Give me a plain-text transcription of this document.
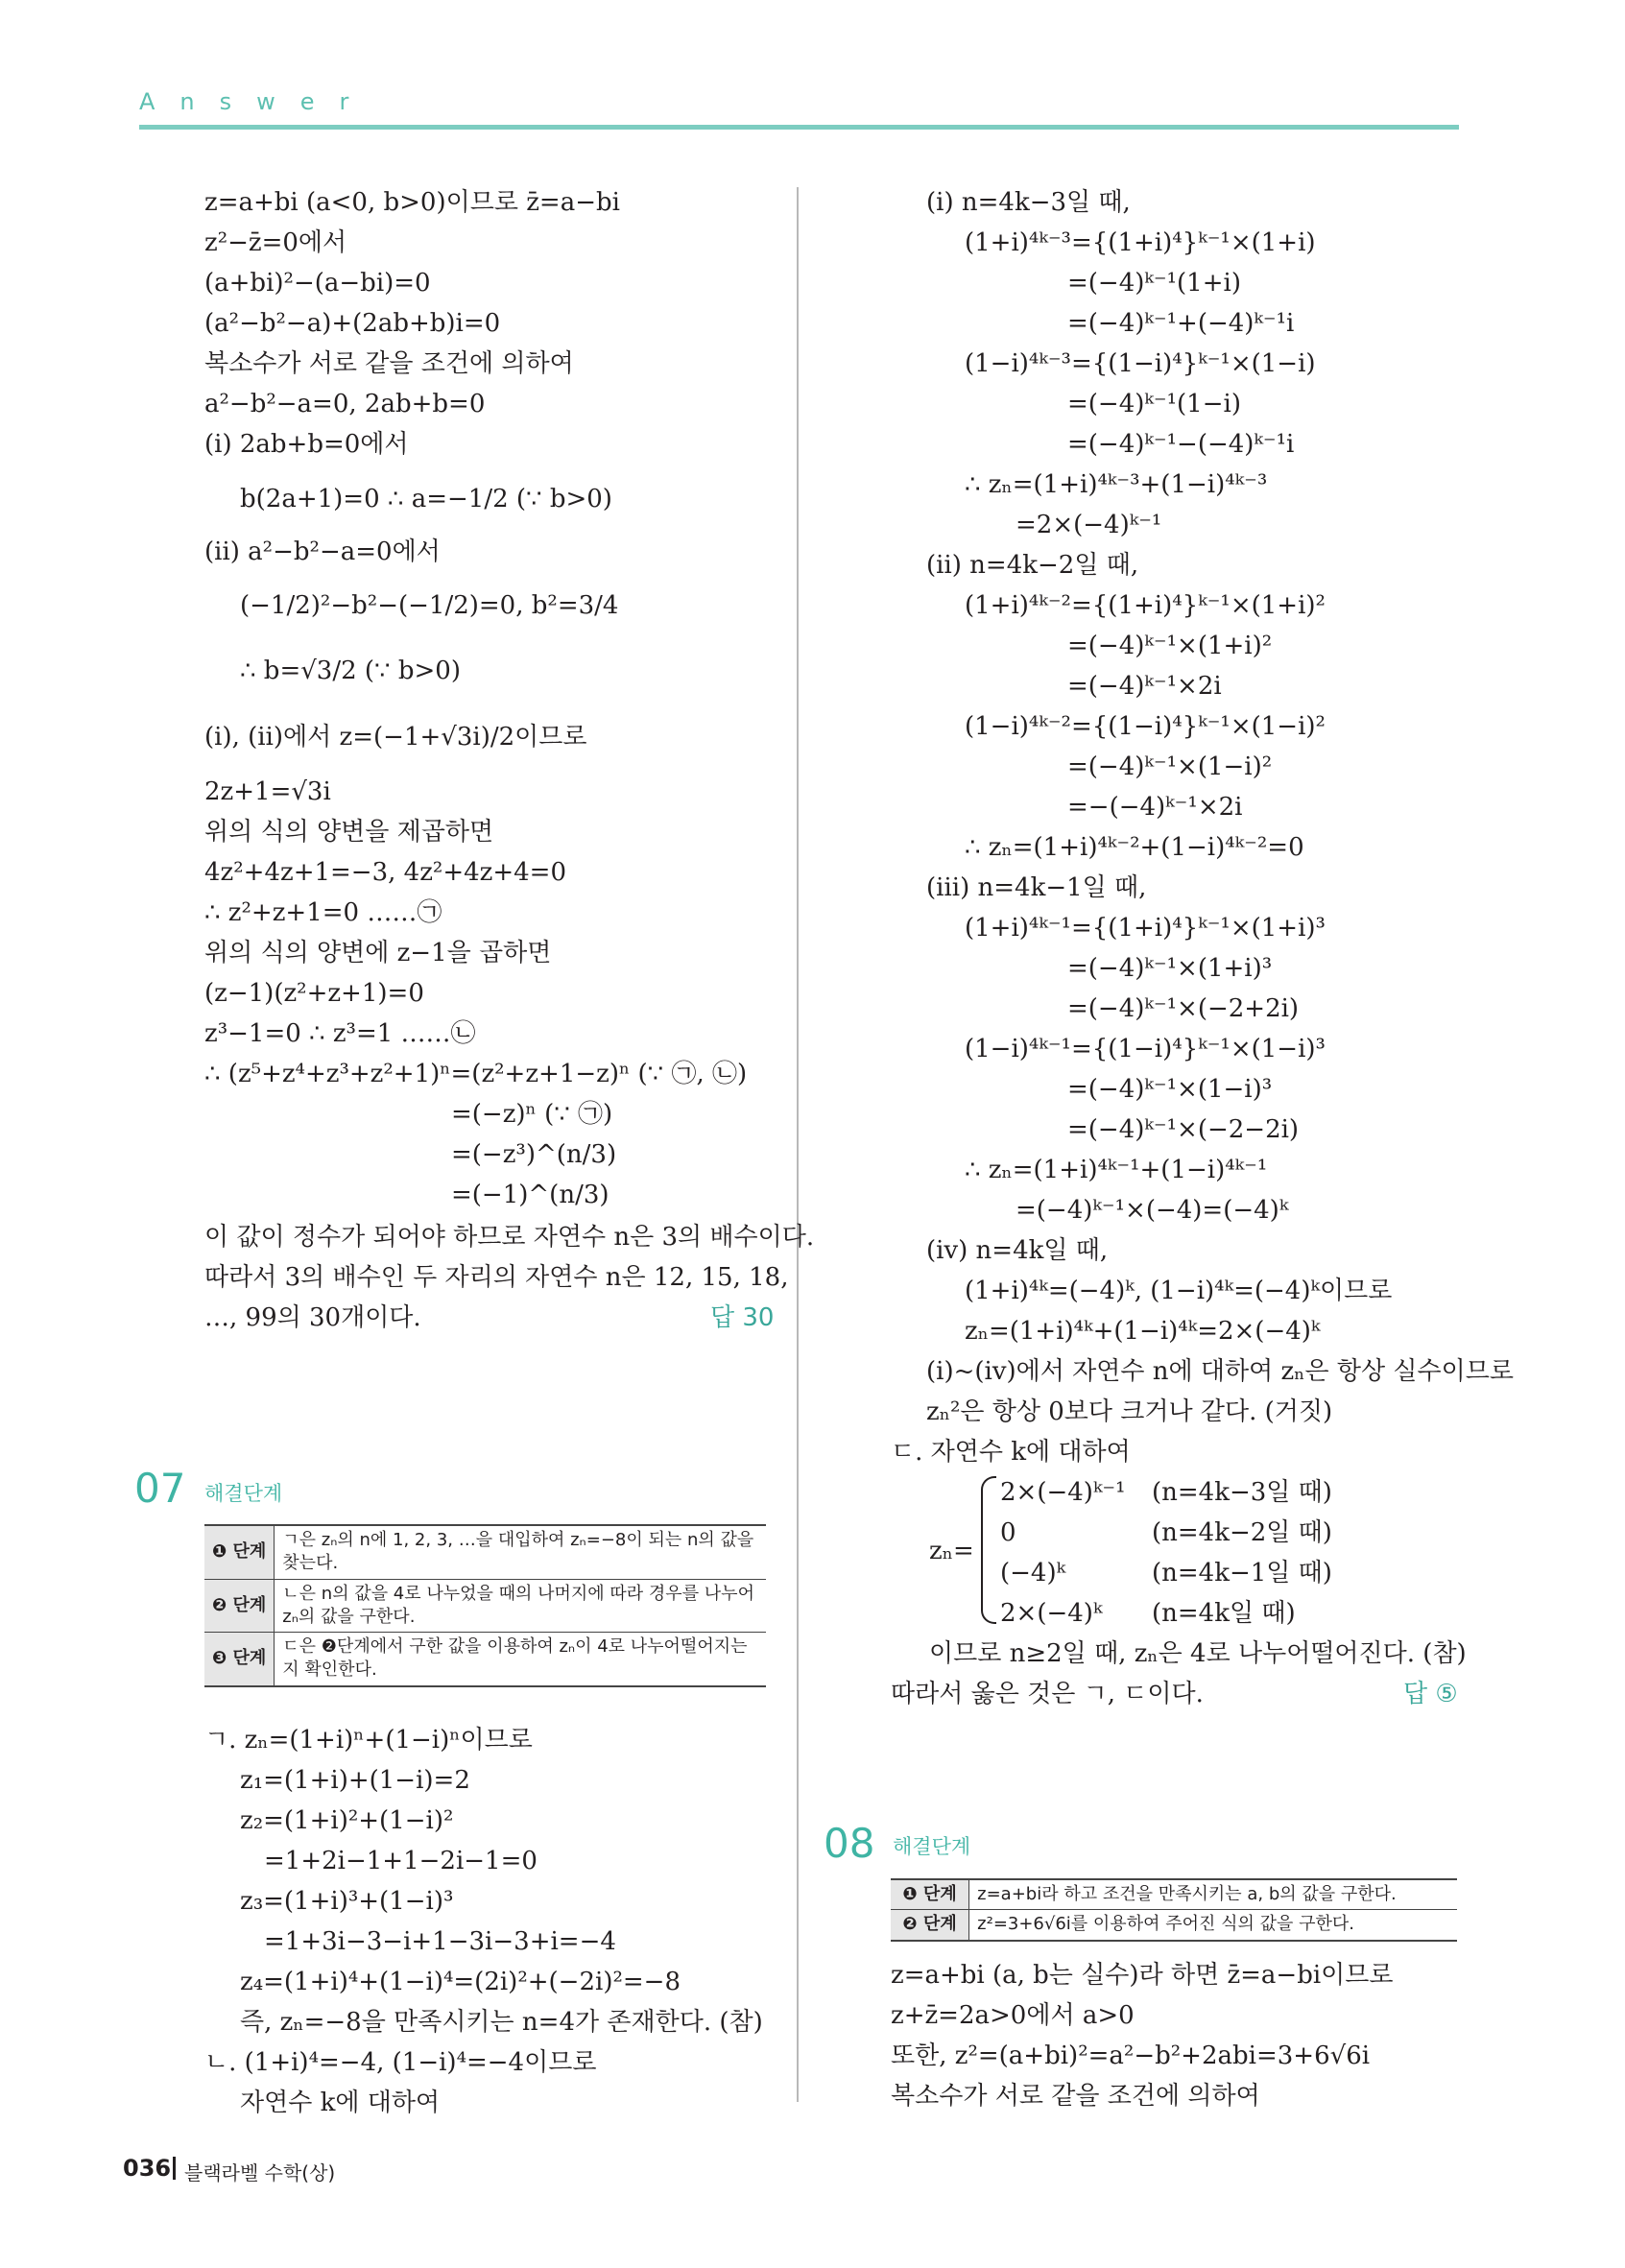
Answer
z=a+bi (a<0, b>0)이므로 z̄=a−bi
z²−z̄=0에서
(a+bi)²−(a−bi)=0
(a²−b²−a)+(2ab+b)i=0
복소수가 서로 같을 조건에 의하여
a²−b²−a=0, 2ab+b=0
(ⅰ) 2ab+b=0에서
b(2a+1)=0 ∴ a=−1/2 (∵ b>0)
(ⅱ) a²−b²−a=0에서
(−1/2)²−b²−(−1/2)=0, b²=3/4
∴ b=√3/2 (∵ b>0)
(ⅰ), (ⅱ)에서 z=(−1+√3i)/2이므로
2z+1=√3i
위의 식의 양변을 제곱하면
4z²+4z+1=−3, 4z²+4z+4=0
∴ z²+z+1=0 ……㉠
위의 식의 양변에 z−1을 곱하면
(z−1)(z²+z+1)=0
z³−1=0 ∴ z³=1 ……㉡
∴ (z⁵+z⁴+z³+z²+1)ⁿ=(z²+z+1−z)ⁿ (∵ ㉠, ㉡)
=(−z)ⁿ (∵ ㉠)
=(−z³)^(n/3)
=(−1)^(n/3)
이 값이 정수가 되어야 하므로 자연수 n은 3의 배수이다.
따라서 3의 배수인 두 자리의 자연수 n은 12, 15, 18,
…, 99의 30개이다.	답 30
07 해결단계
❶ 단계	ㄱ은 zₙ의 n에 1, 2, 3, …을 대입하여 zₙ=−8이 되는 n의 값을 찾는다.
❷ 단계	ㄴ은 n의 값을 4로 나누었을 때의 나머지에 따라 경우를 나누어 zₙ의 값을 구한다.
❸ 단계	ㄷ은 ❷단계에서 구한 값을 이용하여 zₙ이 4로 나누어떨어지는지 확인한다.
ㄱ. zₙ=(1+i)ⁿ+(1−i)ⁿ이므로
z₁=(1+i)+(1−i)=2
z₂=(1+i)²+(1−i)²
=1+2i−1+1−2i−1=0
z₃=(1+i)³+(1−i)³
=1+3i−3−i+1−3i−3+i=−4
z₄=(1+i)⁴+(1−i)⁴=(2i)²+(−2i)²=−8
즉, zₙ=−8을 만족시키는 n=4가 존재한다. (참)
ㄴ. (1+i)⁴=−4, (1−i)⁴=−4이므로
자연수 k에 대하여
(ⅰ) n=4k−3일 때,
(1+i)⁴ᵏ⁻³={(1+i)⁴}ᵏ⁻¹×(1+i)
=(−4)ᵏ⁻¹(1+i)
=(−4)ᵏ⁻¹+(−4)ᵏ⁻¹i
(1−i)⁴ᵏ⁻³={(1−i)⁴}ᵏ⁻¹×(1−i)
=(−4)ᵏ⁻¹(1−i)
=(−4)ᵏ⁻¹−(−4)ᵏ⁻¹i
∴ zₙ=(1+i)⁴ᵏ⁻³+(1−i)⁴ᵏ⁻³
=2×(−4)ᵏ⁻¹
(ⅱ) n=4k−2일 때,
(1+i)⁴ᵏ⁻²={(1+i)⁴}ᵏ⁻¹×(1+i)²
=(−4)ᵏ⁻¹×(1+i)²
=(−4)ᵏ⁻¹×2i
(1−i)⁴ᵏ⁻²={(1−i)⁴}ᵏ⁻¹×(1−i)²
=(−4)ᵏ⁻¹×(1−i)²
=−(−4)ᵏ⁻¹×2i
∴ zₙ=(1+i)⁴ᵏ⁻²+(1−i)⁴ᵏ⁻²=0
(ⅲ) n=4k−1일 때,
(1+i)⁴ᵏ⁻¹={(1+i)⁴}ᵏ⁻¹×(1+i)³
=(−4)ᵏ⁻¹×(1+i)³
=(−4)ᵏ⁻¹×(−2+2i)
(1−i)⁴ᵏ⁻¹={(1−i)⁴}ᵏ⁻¹×(1−i)³
=(−4)ᵏ⁻¹×(1−i)³
=(−4)ᵏ⁻¹×(−2−2i)
∴ zₙ=(1+i)⁴ᵏ⁻¹+(1−i)⁴ᵏ⁻¹
=(−4)ᵏ⁻¹×(−4)=(−4)ᵏ
(ⅳ) n=4k일 때,
(1+i)⁴ᵏ=(−4)ᵏ, (1−i)⁴ᵏ=(−4)ᵏ이므로
zₙ=(1+i)⁴ᵏ+(1−i)⁴ᵏ=2×(−4)ᵏ
(ⅰ)~(ⅳ)에서 자연수 n에 대하여 zₙ은 항상 실수이므로
zₙ²은 항상 0보다 크거나 같다. (거짓)
ㄷ. 자연수 k에 대하여
zₙ=
2×(−4)ᵏ⁻¹ (n=4k−3일 때)
0	(n=4k−2일 때)
(−4)ᵏ	(n=4k−1일 때)
2×(−4)ᵏ (n=4k일 때)
이므로 n≥2일 때, zₙ은 4로 나누어떨어진다. (참)
따라서 옳은 것은 ㄱ, ㄷ이다.	답 ⑤
08 해결단계
❶ 단계	z=a+bi라 하고 조건을 만족시키는 a, b의 값을 구한다.
❷ 단계	z²=3+6√6i를 이용하여 주어진 식의 값을 구한다.
z=a+bi (a, b는 실수)라 하면 z̄=a−bi이므로
z+z̄=2a>0에서 a>0
또한, z²=(a+bi)²=a²−b²+2abi=3+6√6i
복소수가 서로 같을 조건에 의하여
036 블랙라벨 수학(상)
